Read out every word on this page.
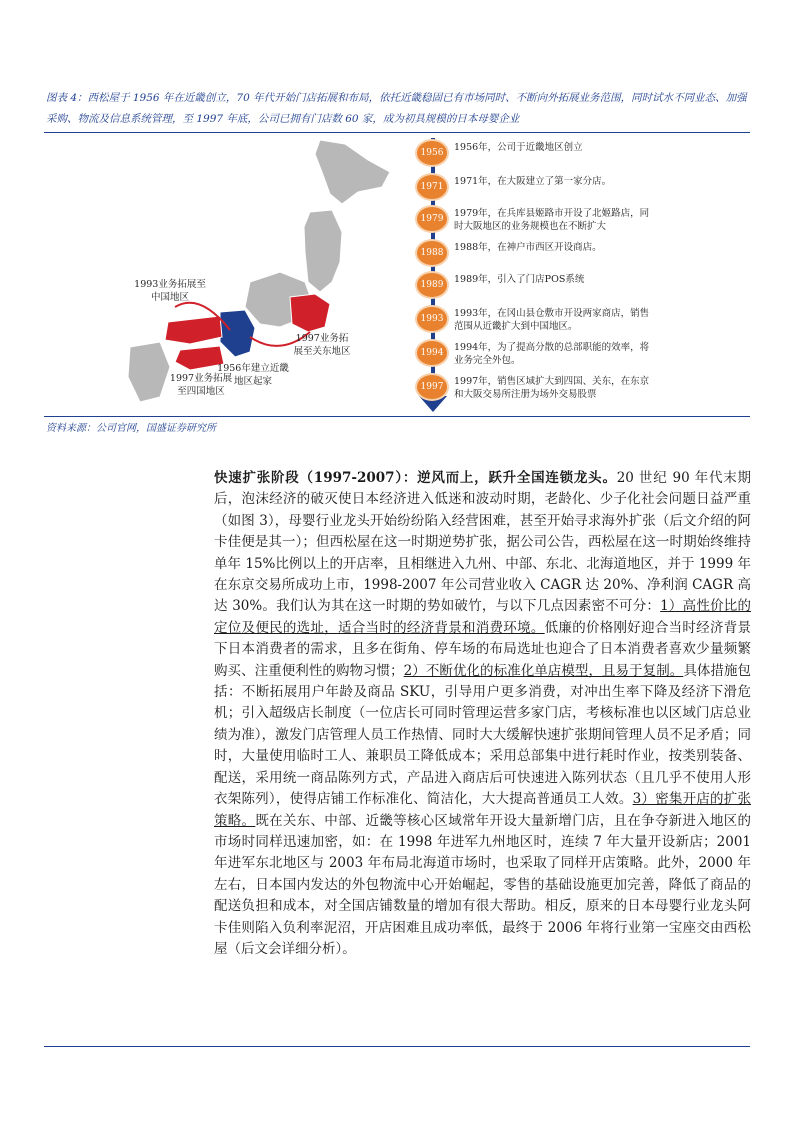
图表 4：西松屋于 1956 年在近畿创立，70 年代开始门店拓展和布局，依托近畿稳固已有市场同时、不断向外拓展业务范围，同时试水不同业态、加强采购、物流及信息系统管理，至 1997 年底，公司已拥有门店数 60 家，成为初具规模的日本母婴企业
1993业务拓展至中国地区
1997业务拓展至关东地区
1956年建立近畿地区起家
1997业务拓展至四国地区
1956	1956年，公司于近畿地区创立
1971	1971年，在大阪建立了第一家分店。
1979	1979年，在兵库县姬路市开设了北姬路店，同时大阪地区的业务规模也在不断扩大
1988	1988年，在神户市西区开设商店。
1989	1989年，引入了门店POS系统
1993	1993年，在冈山县仓敷市开设两家商店，销售范围从近畿扩大到中国地区。
1994	1994年，为了提高分散的总部职能的效率，将业务完全外包。
1997	1997年，销售区域扩大到四国、关东，在东京和大阪交易所注册为场外交易股票
资料来源：公司官网，国盛证券研究所
快速扩张阶段（1997-2007）：逆风而上，跃升全国连锁龙头。20 世纪 90 年代末期后，泡沫经济的破灭使日本经济进入低迷和波动时期，老龄化、少子化社会问题日益严重（如图 3），母婴行业龙头开始纷纷陷入经营困难，甚至开始寻求海外扩张（后文介绍的阿卡佳便是其一）；但西松屋在这一时期逆势扩张，据公司公告，西松屋在这一时期始终维持单年 15%比例以上的开店率，且相继进入九州、中部、东北、北海道地区，并于 1999 年在东京交易所成功上市，1998-2007 年公司营业收入 CAGR 达 20%、净利润 CAGR 高达 30%。我们认为其在这一时期的势如破竹，与以下几点因素密不可分：1）高性价比的定位及便民的选址，适合当时的经济背景和消费环境。低廉的价格刚好迎合当时经济背景下日本消费者的需求，且多在街角、停车场的布局选址也迎合了日本消费者喜欢少量频繁购买、注重便利性的购物习惯；2）不断优化的标准化单店模型，且易于复制。具体措施包括：不断拓展用户年龄及商品 SKU，引导用户更多消费，对冲出生率下降及经济下滑危机；引入超级店长制度（一位店长可同时管理运营多家门店，考核标准也以区域门店总业绩为准），激发门店管理人员工作热情、同时大大缓解快速扩张期间管理人员不足矛盾；同时，大量使用临时工人、兼职员工降低成本；采用总部集中进行耗时作业，按类别装备、配送，采用统一商品陈列方式，产品进入商店后可快速进入陈列状态（且几乎不使用人形衣架陈列），使得店铺工作标准化、简洁化，大大提高普通员工人效。3）密集开店的扩张策略。既在关东、中部、近畿等核心区域常年开设大量新增门店，且在争夺新进入地区的市场时同样迅速加密，如：在 1998 年进军九州地区时，连续 7 年大量开设新店；2001 年进军东北地区与 2003 年布局北海道市场时，也采取了同样开店策略。此外，2000 年左右，日本国内发达的外包物流中心开始崛起，零售的基础设施更加完善，降低了商品的配送负担和成本，对全国店铺数量的增加有很大帮助。相反，原来的日本母婴行业龙头阿卡佳则陷入负利率泥沼，开店困难且成功率低，最终于 2006 年将行业第一宝座交由西松屋（后文会详细分析）。
